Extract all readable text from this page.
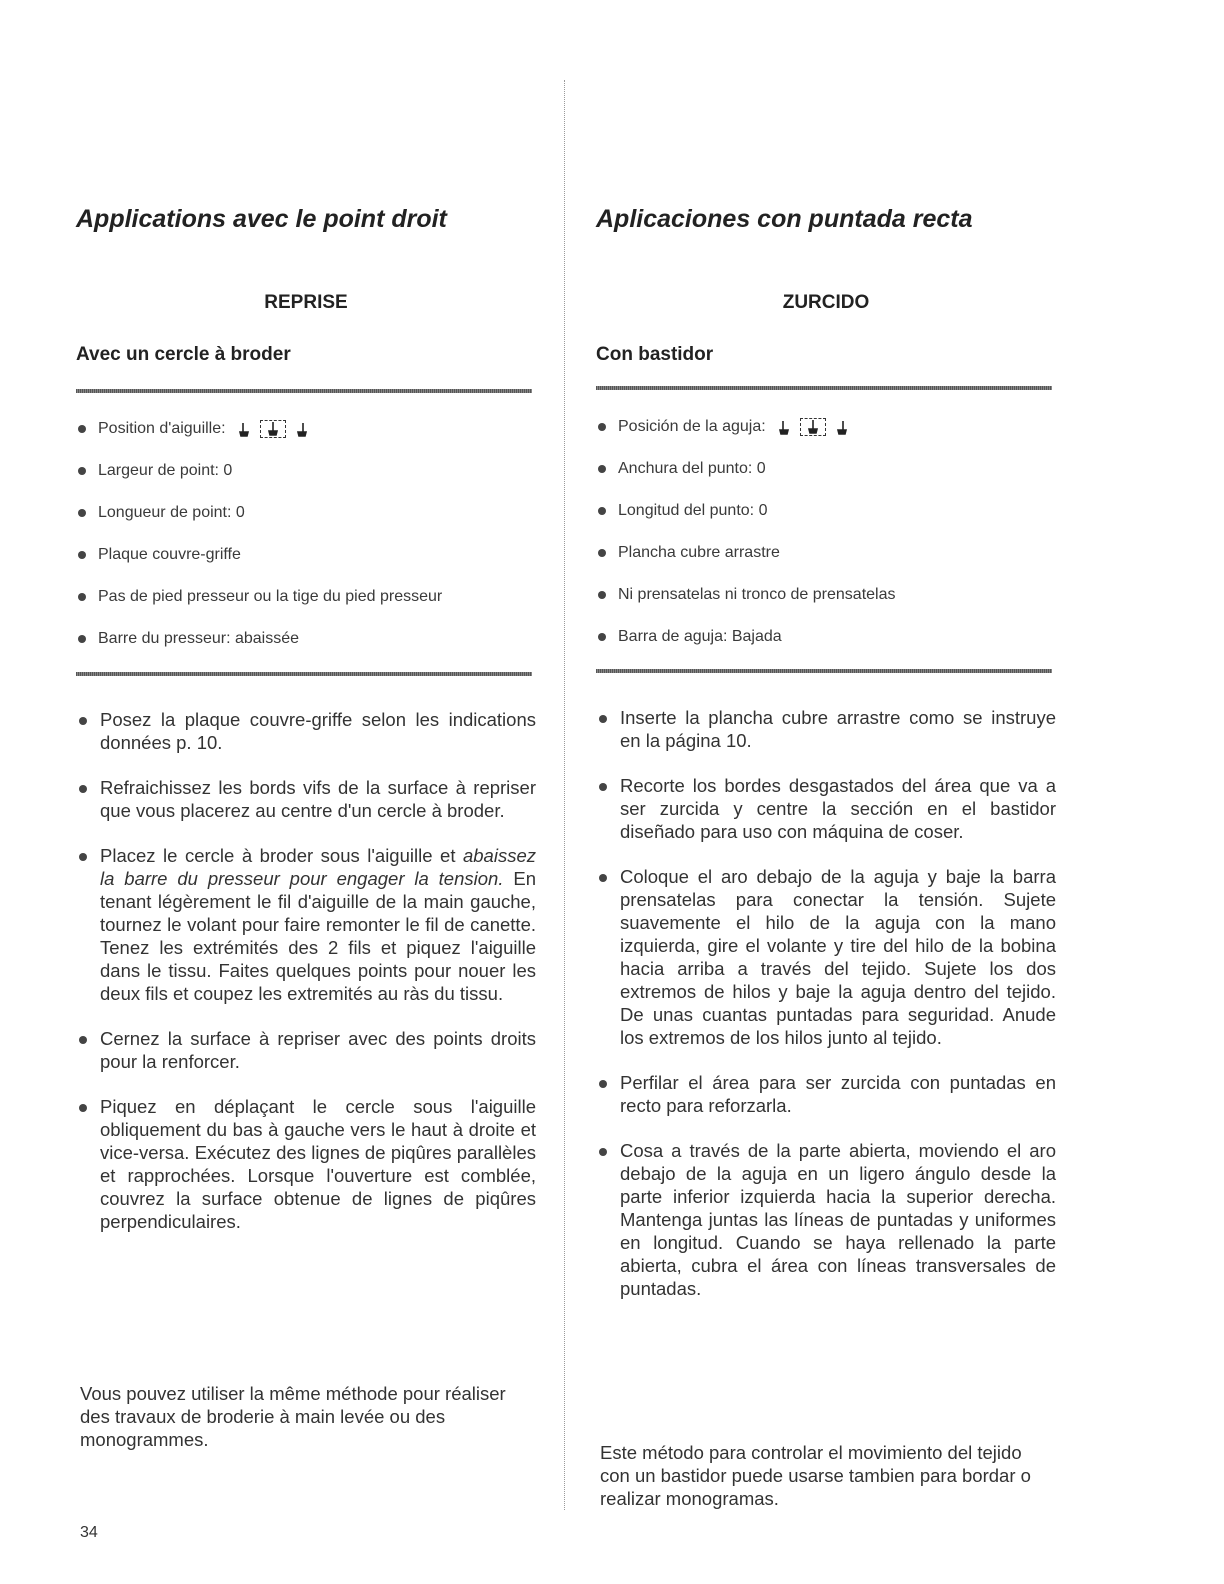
Applications avec le point droit
REPRISE
Avec un cercle à broder
Position d'aiguille:
Largeur de point: 0
Longueur de point: 0
Plaque couvre-griffe
Pas de pied presseur ou la tige du pied presseur
Barre du presseur: abaissée
Posez la plaque couvre-griffe selon les indications données p. 10.
Refraichissez les bords vifs de la surface à repriser que vous placerez au centre d'un cercle à broder.
Placez le cercle à broder sous l'aiguille et abaissez la barre du presseur pour engager la tension. En tenant légèrement le fil d'aiguille de la main gauche, tournez le volant pour faire remonter le fil de canette. Tenez les extrémités des 2 fils et piquez l'aiguille dans le tissu. Faites quelques points pour nouer les deux fils et coupez les extremités au ràs du tissu.
Cernez la surface à repriser avec des points droits pour la renforcer.
Piquez en déplaçant le cercle sous l'aiguille obliquement du bas à gauche vers le haut à droite et vice-versa. Exécutez des lignes de piqûres parallèles et rapprochées. Lorsque l'ouverture est comblée, couvrez la surface obtenue de lignes de piqûres perpendiculaires.

Vous pouvez utiliser la même méthode pour réaliser des travaux de broderie à main levée ou des monogrammes.

Aplicaciones con puntada recta
ZURCIDO
Con bastidor
Posición de la aguja:
Anchura del punto: 0
Longitud del punto: 0
Plancha cubre arrastre
Ni prensatelas ni tronco de prensatelas
Barra de aguja: Bajada
Inserte la plancha cubre arrastre como se instruye en la página 10.
Recorte los bordes desgastados del área que va a ser zurcida y centre la sección en el bastidor diseñado para uso con máquina de coser.
Coloque el aro debajo de la aguja y baje la barra prensatelas para conectar la tensión. Sujete suavemente el hilo de la aguja con la mano izquierda, gire el volante y tire del hilo de la bobina hacia arriba a través del tejido. Sujete los dos extremos de hilos y baje la aguja dentro del tejido. De unas cuantas puntadas para seguridad. Anude los extremos de los hilos junto al tejido.
Perfilar el área para ser zurcida con puntadas en recto para reforzarla.
Cosa a través de la parte abierta, moviendo el aro debajo de la aguja en un ligero ángulo desde la parte inferior izquierda hacia la superior derecha. Mantenga juntas las líneas de puntadas y uniformes en longitud. Cuando se haya rellenado la parte abierta, cubra el área con líneas transversales de puntadas.

Este método para controlar el movimiento del tejido con un bastidor puede usarse tambien para bordar o realizar monogramas.

34
